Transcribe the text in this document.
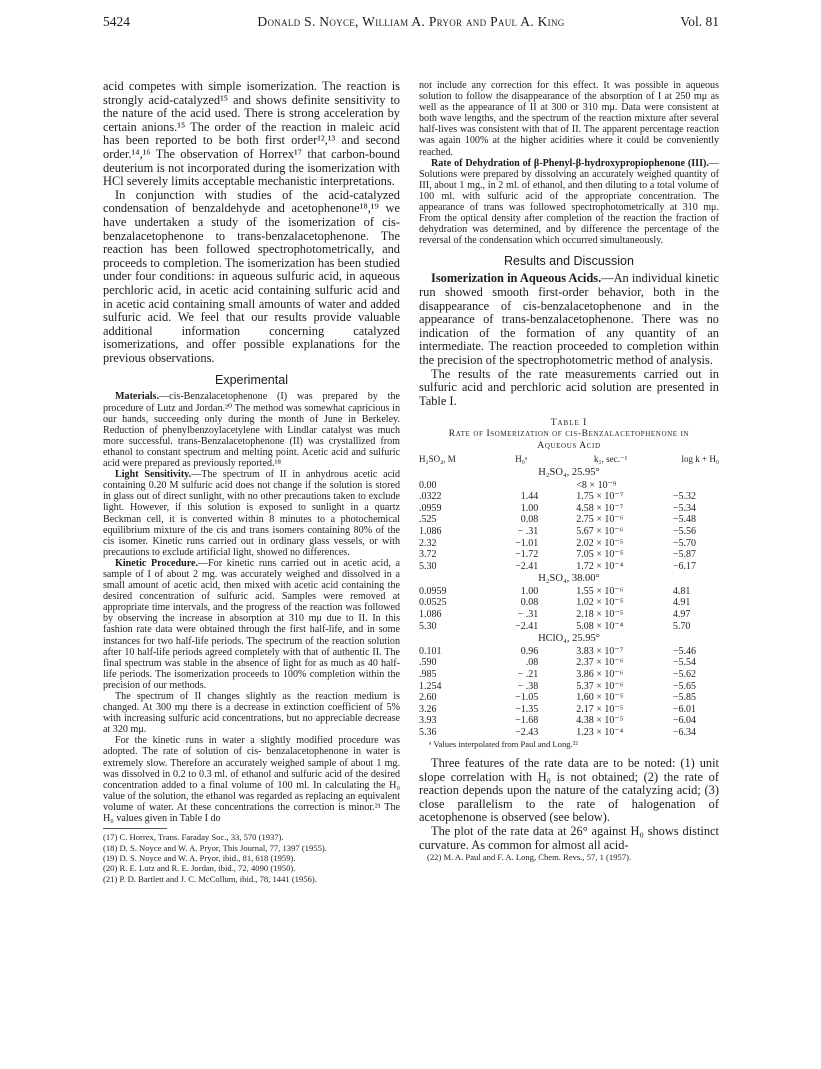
5424	Donald S. Noyce, William A. Pryor and Paul A. King	Vol. 81

acid competes with simple isomerization. The reaction is strongly acid-catalyzed¹⁵ and shows definite sensitivity to the nature of the acid used. There is strong acceleration by certain anions.¹⁵ The order of the reaction in maleic acid has been reported to be both first order¹²,¹³ and second order.¹⁴,¹⁶ The observation of Horrex¹⁷ that carbon-bound deuterium is not incorporated during the isomerization with HCl severely limits acceptable mechanistic interpretations.

In conjunction with studies of the acid-catalyzed condensation of benzaldehyde and acetophenone¹⁸,¹⁹ we have undertaken a study of the isomerization of cis-benzalacetophenone to trans-benzalacetophenone. The reaction has been followed spectrophotometrically, and proceeds to completion. The isomerization has been studied under four conditions: in aqueous sulfuric acid, in aqueous perchloric acid, in acetic acid containing sulfuric acid and in acetic acid containing small amounts of water and added sulfuric acid. We feel that our results provide valuable additional information concerning catalyzed isomerizations, and offer possible explanations for the previous observations.

Experimental

Materials.—cis-Benzalacetophenone (I) was prepared by the procedure of Lutz and Jordan.²⁰ The method was somewhat capricious in our hands, succeeding only during the month of June in Berkeley. Reduction of phenylbenzoylacetylene with Lindlar catalyst was much more successful. trans-Benzalacetophenone (II) was crystallized from ethanol to constant spectrum and melting point. Acetic acid and sulfuric acid were prepared as previously reported.¹⁸

Light Sensitivity.—The spectrum of II in anhydrous acetic acid containing 0.20 M sulfuric acid does not change if the solution is stored in glass out of direct sunlight, with no other precautions taken to exclude light. However, if this solution is exposed to sunlight in a quartz Beckman cell, it is converted within 8 minutes to a photochemical equilibrium mixture of the cis and trans isomers containing 80% of the cis isomer. Kinetic runs carried out in ordinary glass vessels, or with precautions to exclude artificial light, showed no differences.

Kinetic Procedure.—For kinetic runs carried out in acetic acid, a sample of I of about 2 mg. was accurately weighed and dissolved in a small amount of acetic acid, then mixed with acetic acid containing the desired concentration of sulfuric acid. Samples were removed at appropriate time intervals, and the progress of the reaction was followed by observing the increase in absorption at 310 mμ due to II. In this fashion rate data were obtained through the first half-life, and in some instances for two half-life periods. The spectrum of the reaction solution after 10 half-life periods agreed completely with that of authentic II. The final spectrum was stable in the absence of light for as much as 40 half-life periods. The isomerization proceeds to 100% completion within the precision of our methods.

The spectrum of II changes slightly as the reaction medium is changed. At 300 mμ there is a decrease in extinction coefficient of 5% with increasing sulfuric acid concentrations, but no appreciable decrease at 320 mμ.

For the kinetic runs in water a slightly modified procedure was adopted. The rate of solution of cis- benzalacetophenone in water is extremely slow. Therefore an accurately weighed sample of about 1 mg. was dissolved in 0.2 to 0.3 ml. of ethanol and sulfuric acid of the desired concentration added to a final volume of 100 ml. In calculating the H₀ value of the solution, the ethanol was regarded as replacing an equivalent volume of water. At these concentrations the correction is minor.²¹ The H₀ values given in Table I do

(17) C. Horrex, Trans. Faraday Soc., 33, 570 (1937).
(18) D. S. Noyce and W. A. Pryor, This Journal, 77, 1397 (1955).
(19) D. S. Noyce and W. A. Pryor, ibid., 81, 618 (1959).
(20) R. E. Lutz and R. E. Jordan, ibid., 72, 4090 (1950).
(21) P. D. Bartlett and J. C. McCollum, ibid., 78, 1441 (1956).

not include any correction for this effect. It was possible in aqueous solution to follow the disappearance of the absorption of I at 250 mμ as well as the appearance of II at 300 or 310 mμ. Data were consistent at both wave lengths, and the spectrum of the reaction mixture after several half-lives was consistent with that of II. The apparent percentage reaction was again 100% at the higher acidities where it could be conveniently reached.

Rate of Dehydration of β-Phenyl-β-hydroxypropiophenone (III).—Solutions were prepared by dissolving an accurately weighed quantity of III, about 1 mg., in 2 ml. of ethanol, and then diluting to a total volume of 100 ml. with sulfuric acid of the appropriate concentration. The appearance of trans was followed spectrophotometrically at 310 mμ. From the optical density after completion of the reaction the fraction of dehydration was determined, and by difference the percentage of the reversal of the condensation which occurred simultaneously.

Results and Discussion

Isomerization in Aqueous Acids.—An individual kinetic run showed smooth first-order behavior, both in the disappearance of cis-benzalacetophenone and in the appearance of trans-benzalacetophenone. There was no indication of the formation of any quantity of an intermediate. The reaction proceeded to completion within the precision of the spectrophotometric method of analysis.

The results of the rate measurements carried out in sulfuric acid and perchloric acid solution are presented in Table I.

Table I
Rate of Isomerization of cis-Benzalacetophenone in
Aqueous Acid
H₂SO₄, M	H₀ᵃ	k₁, sec.⁻¹	log k + H₀
H₂SO₄, 25.95°			
0.00		<8 × 10⁻⁹	
.0322	1.44	1.75 × 10⁻⁷	−5.32
.0959	1.00	4.58 × 10⁻⁷	−5.34
.525	0.08	2.75 × 10⁻⁶	−5.48
1.086	− .31	5.67 × 10⁻⁶	−5.56
2.32	−1.01	2.02 × 10⁻⁵	−5.70
3.72	−1.72	7.05 × 10⁻⁵	−5.87
5.30	−2.41	1.72 × 10⁻⁴	−6.17
H₂SO₄, 38.00°			
0.0959	1.00	1.55 × 10⁻⁶	4.81
0.0525	0.08	1.02 × 10⁻⁵	4.91
1.086	− .31	2.18 × 10⁻⁵	4.97
5.30	−2.41	5.08 × 10⁻⁴	5.70
HClO₄, 25.95°			
0.101	0.96	3.83 × 10⁻⁷	−5.46
.590	.08	2.37 × 10⁻⁶	−5.54
.985	− .21	3.86 × 10⁻⁶	−5.62
1.254	− .38	5.37 × 10⁻⁶	−5.65
2.60	−1.05	1.60 × 10⁻⁵	−5.85
3.26	−1.35	2.17 × 10⁻⁵	−6.01
3.93	−1.68	4.38 × 10⁻⁵	−6.04
5.36	−2.43	1.23 × 10⁻⁴	−6.34
ᵃ Values interpolated from Paul and Long.²²

Three features of the rate data are to be noted: (1) unit slope correlation with H₀ is not obtained; (2) the rate of reaction depends upon the nature of the catalyzing acid; (3) close parallelism to the rate of halogenation of acetophenone is observed (see below).

The plot of the rate data at 26° against H₀ shows distinct curvature. As common for almost all acid-

(22) M. A. Paul and F. A. Long, Chem. Revs., 57, 1 (1957).
